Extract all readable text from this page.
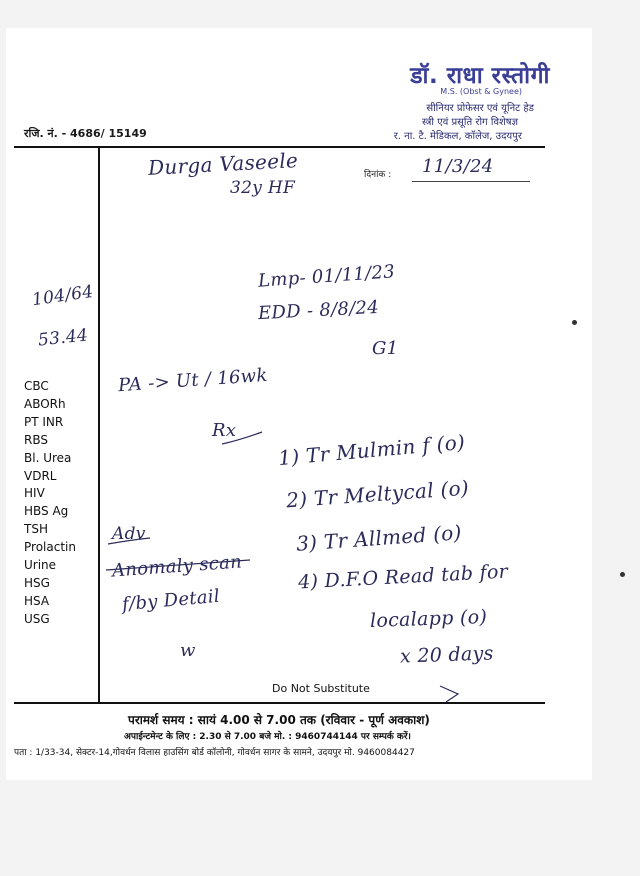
डॉ. राधा रस्तोगी
M.S. (Obst & Gynee)
सीनियर प्रोफेसर एवं यूनिट हेड
स्त्री एवं प्रसूति रोग विशेषज्ञ
र. ना. टै. मेडिकल, कॉलेज, उदयपुर
रजि. नं. - 4686/ 15149
दिनांक : 11/3/24
CBC
ABORh
PT INR
RBS
Bl. Urea
VDRL
HIV
HBS Ag
TSH
Prolactin
Urine
HSG
HSA
USG
Durga Vaseele
32y HF
Lmp- 01/11/23
EDD - 8/8/24
G1
104/64
53.44
PA -> Ut / 16wk
Rx 1) Tr Mulmin f (o)
2) Tr Meltycal (o)
3) Tr Allmed (o)
4) D.F.O Read tab for
localapp (o)
x 20 days
Adv
Anomaly scan
f/by Detail
w
Do Not Substitute
परामर्श समय : सायं 4.00 से 7.00 तक (रविवार - पूर्ण अवकाश)
अपाईन्टमेन्ट के लिए : 2.30 से 7.00 बजे मो. : 9460744144 पर सम्पर्क करें।
पता : 1/33-34, सेक्टर-14,गोवर्धन विलास हाउसिंग बोर्ड कॉलोनी, गोवर्धन सागर के सामने, उदयपुर मो. 9460084427
